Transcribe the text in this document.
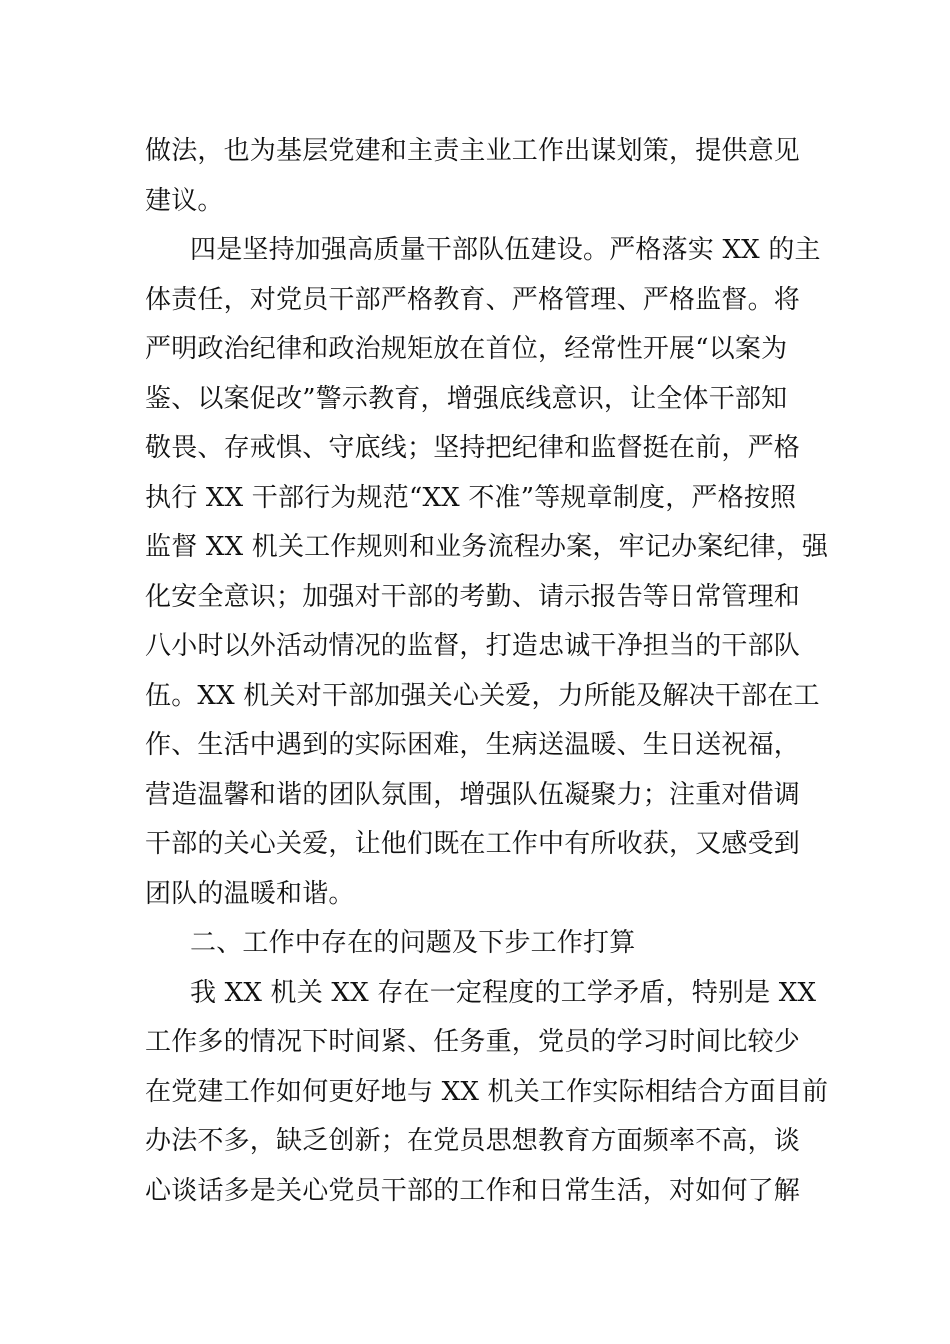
做法，也为基层党建和主责主业工作出谋划策，提供意见
建议。
四是坚持加强高质量干部队伍建设。严格落实 XX 的主
体责任，对党员干部严格教育、严格管理、严格监督。将
严明政治纪律和政治规矩放在首位，经常性开展“以案为
鉴、以案促改”警示教育，增强底线意识，让全体干部知
敬畏、存戒惧、守底线；坚持把纪律和监督挺在前，严格
执行 XX 干部行为规范“XX 不准”等规章制度，严格按照
监督 XX 机关工作规则和业务流程办案，牢记办案纪律，强
化安全意识；加强对干部的考勤、请示报告等日常管理和
八小时以外活动情况的监督，打造忠诚干净担当的干部队
伍。XX 机关对干部加强关心关爱，力所能及解决干部在工
作、生活中遇到的实际困难，生病送温暖、生日送祝福，
营造温馨和谐的团队氛围，增强队伍凝聚力；注重对借调
干部的关心关爱，让他们既在工作中有所收获，又感受到
团队的温暖和谐。
二、工作中存在的问题及下步工作打算
我 XX 机关 XX 存在一定程度的工学矛盾，特别是 XX
工作多的情况下时间紧、任务重，党员的学习时间比较少
在党建工作如何更好地与 XX 机关工作实际相结合方面目前
办法不多，缺乏创新；在党员思想教育方面频率不高，谈
心谈话多是关心党员干部的工作和日常生活，对如何了解
